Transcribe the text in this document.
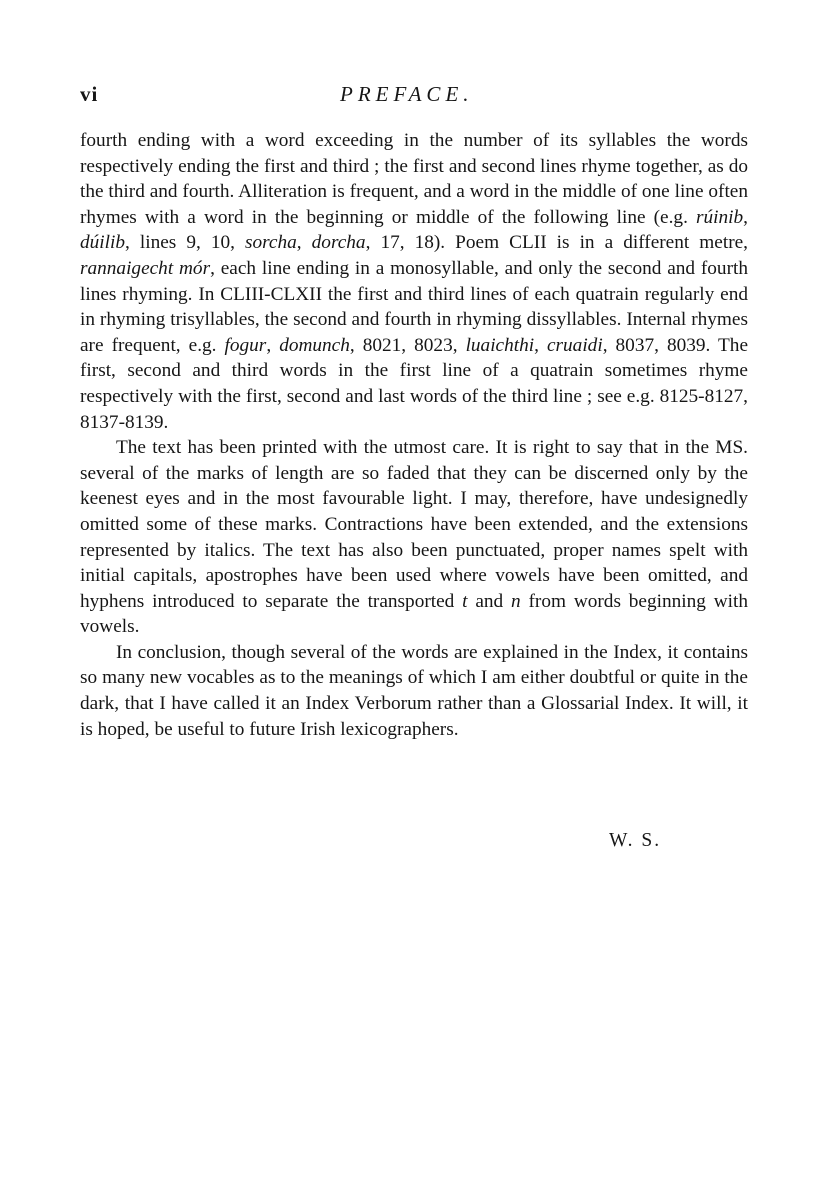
vi	PREFACE.

fourth ending with a word exceeding in the number of its syllables the words respectively ending the first and third ; the first and second lines rhyme together, as do the third and fourth. Alliteration is frequent, and a word in the middle of one line often rhymes with a word in the beginning or middle of the following line (e.g. rúinib, dúilib, lines 9, 10, sorcha, dorcha, 17, 18). Poem CLII is in a different metre, rannaigecht mór, each line ending in a monosyllable, and only the second and fourth lines rhyming. In CLIII-CLXII the first and third lines of each quatrain regularly end in rhyming trisyllables, the second and fourth in rhyming dissyllables. Internal rhymes are frequent, e.g. fogur, domunch, 8021, 8023, luaichthi, cruaidi, 8037, 8039. The first, second and third words in the first line of a quatrain sometimes rhyme respectively with the first, second and last words of the third line ; see e.g. 8125-8127, 8137-8139.

The text has been printed with the utmost care. It is right to say that in the MS. several of the marks of length are so faded that they can be discerned only by the keenest eyes and in the most favourable light. I may, therefore, have undesignedly omitted some of these marks. Contractions have been extended, and the extensions represented by italics. The text has also been punctuated, proper names spelt with initial capitals, apostrophes have been used where vowels have been omitted, and hyphens introduced to separate the transported t and n from words beginning with vowels.

In conclusion, though several of the words are explained in the Index, it contains so many new vocables as to the meanings of which I am either doubtful or quite in the dark, that I have called it an Index Verborum rather than a Glossarial Index. It will, it is hoped, be useful to future Irish lexicographers.

W. S.
